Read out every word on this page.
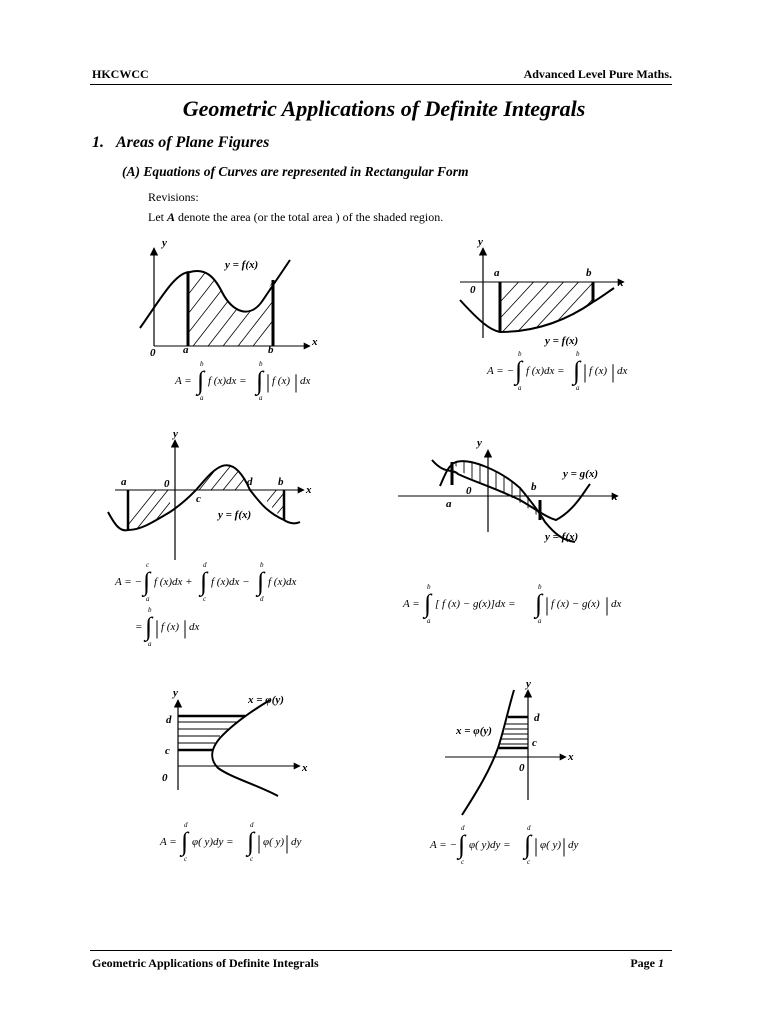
HKCWCC	Advanced Level Pure Maths.
Geometric Applications of Definite Integrals
1. Areas of Plane Figures
(A) Equations of Curves are represented in Rectangular Form
Revisions:
Let A denote the area (or the total area ) of the shaded region.
y
x
0	a	b
y = f(x)
A = ∫
b
a
f (x)dx = ∫
b
a
| f (x) | dx
y
x
0
a	b
y = f(x)
A = − ∫
b
a
f (x)dx = ∫
b
a
| f (x) | dx
y
x
0
a	b
c
d
y = f(x)
A = − ∫
c
a
f (x)dx + ∫
d
c
f (x)dx − ∫
b
d
f (x)dx
= ∫
b
a
| f (x) | dx
y
x
0
a
b
y = g(x)
y = f(x)
A = ∫
b
a
[ f (x) − g(x)]dx = ∫
b
a
| f (x) − g(x) | dx
y
x
0
c
d
x = φ(y)
A = ∫
d
c
φ( y)dy = ∫
d
c
| φ( y) | dy
y
x
0
c
d
x = φ(y)
A = − ∫
d
c
φ( y)dy = ∫
d
c
| φ( y) | dy
Geometric Applications of Definite Integrals	Page 1
